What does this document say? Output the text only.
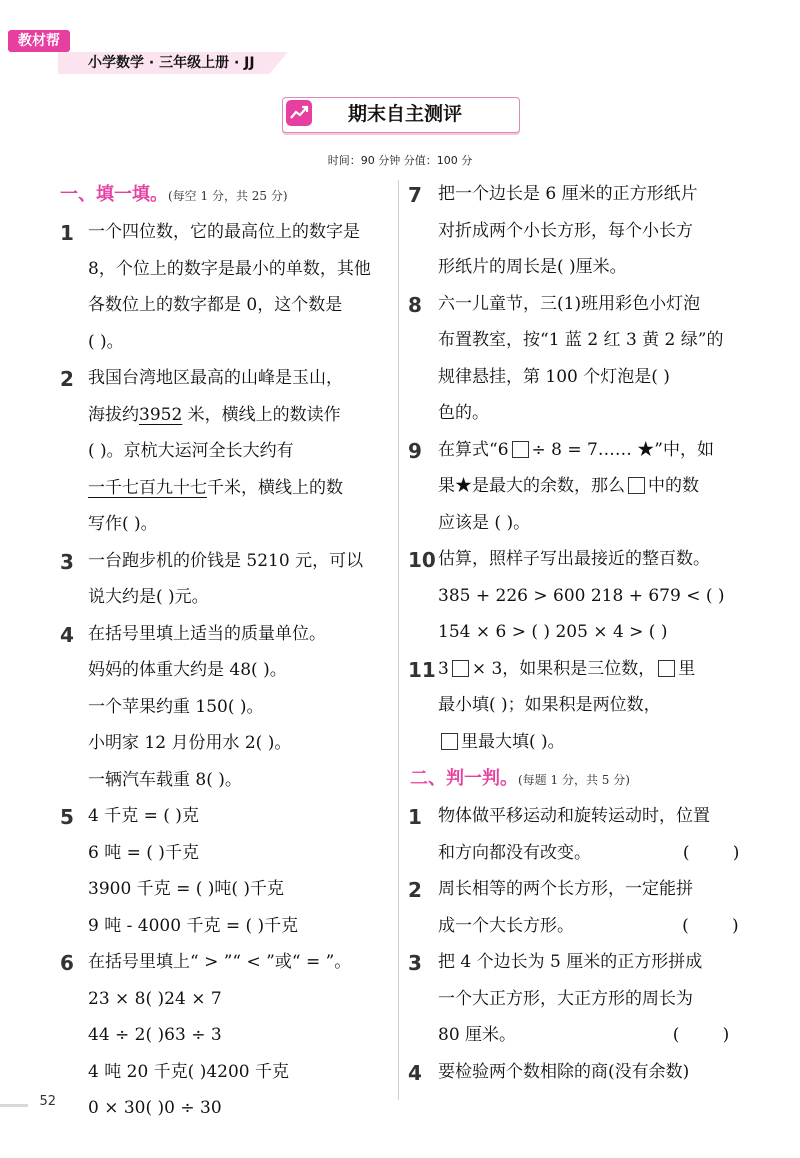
教材帮
小学数学 · 三年级上册 · JJ
期末自主测评
时间：90 分钟 分值：100 分
一、填一填。(每空 1 分，共 25 分)
1 一个四位数，它的最高位上的数字是
8，个位上的数字是最小的单数，其他
各数位上的数字都是 0，这个数是
( )。
2 我国台湾地区最高的山峰是玉山，
海拔约3952 米，横线上的数读作
( )。京杭大运河全长大约有
一千七百九十七千米，横线上的数
写作( )。
3 一台跑步机的价钱是 5210 元，可以
说大约是( )元。
4 在括号里填上适当的质量单位。
妈妈的体重大约是 48( )。
一个苹果约重 150( )。
小明家 12 月份用水 2( )。
一辆汽车载重 8( )。
5 4 千克 = ( )克
6 吨 = ( )千克
3900 千克 = ( )吨( )千克
9 吨 - 4000 千克 = ( )千克
6 在括号里填上“ > ”“ < ”或“ = ”。
23 × 8( )24 × 7
44 ÷ 2( )63 ÷ 3
4 吨 20 千克( )4200 千克
0 × 30( )0 ÷ 30
7 把一个边长是 6 厘米的正方形纸片
对折成两个小长方形，每个小长方
形纸片的周长是( )厘米。
8 六一儿童节，三(1)班用彩色小灯泡
布置教室，按“1 蓝 2 红 3 黄 2 绿”的
规律悬挂，第 100 个灯泡是( )
色的。
9 在算式“6 ÷ 8 = 7…… ★”中，如
果★是最大的余数，那么 中的数
应该是 ( )。
10 估算，照样子写出最接近的整百数。
385 + 226 > 600 218 + 679 < ( )
154 × 6 > ( ) 205 × 4 > ( )
11 3 × 3，如果积是三位数， 里
最小填( )；如果积是两位数，
里最大填( )。
二、判一判。(每题 1 分，共 5 分)
1 物体做平移运动和旋转运动时，位置
和方向都没有改变。                 (        )
2 周长相等的两个长方形，一定能拼
成一个大长方形。                    (        )
3 把 4 个边长为 5 厘米的正方形拼成
一个大正方形，大正方形的周长为
80 厘米。                             (        )
4 要检验两个数相除的商(没有余数)
52
